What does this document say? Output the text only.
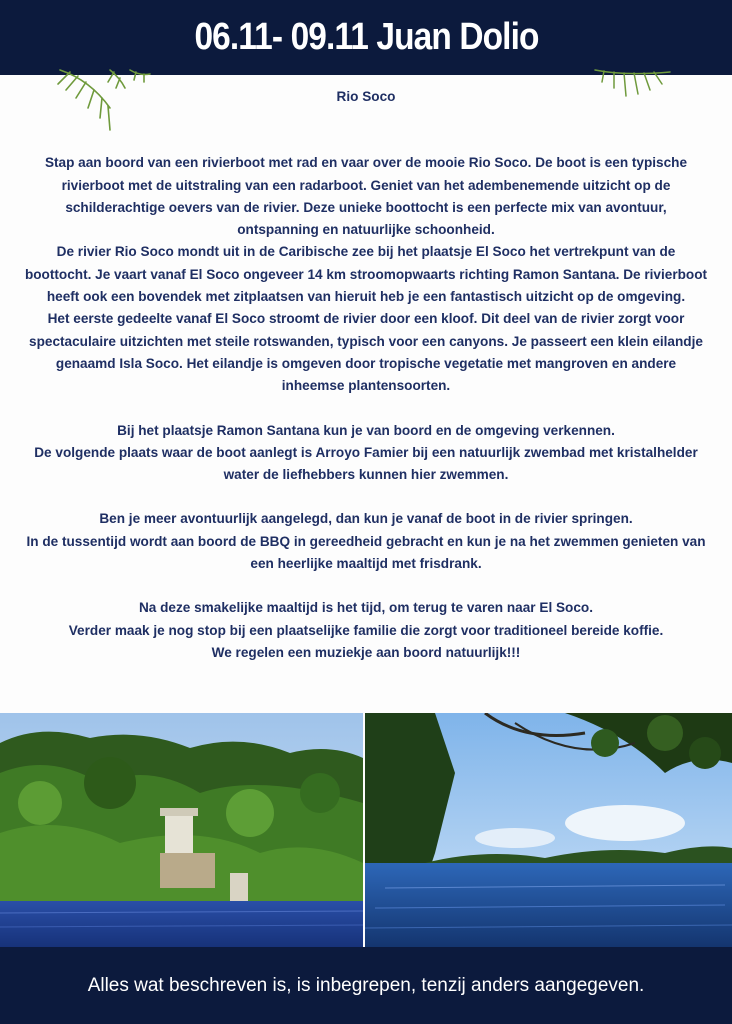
06.11- 09.11 Juan Dolio

Rio Soco

Stap aan boord van een rivierboot met rad en vaar over de mooie Rio Soco. De boot is een typische rivierboot met de uitstraling van een radarboot. Geniet van het adembenemende uitzicht op de schilderachtige oevers van de rivier. Deze unieke boottocht is een perfecte mix van avontuur, ontspanning en natuurlijke schoonheid.

De rivier Rio Soco mondt uit in de Caribische zee bij het plaatsje El Soco het vertrekpunt van de boottocht. Je vaart vanaf El Soco ongeveer 14 km stroomopwaarts richting Ramon Santana. De rivierboot heeft ook een bovendek met zitplaatsen van hieruit heb je een fantastisch uitzicht op de omgeving.

Het eerste gedeelte vanaf El Soco stroomt de rivier door een kloof. Dit deel van de rivier zorgt voor spectaculaire uitzichten met steile rotswanden, typisch voor een canyons. Je passeert een klein eilandje genaamd Isla Soco. Het eilandje is omgeven door tropische vegetatie met mangroven en andere inheemse plantensoorten.

Bij het plaatsje Ramon Santana kun je van boord en de omgeving verkennen.

De volgende plaats waar de boot aanlegt is Arroyo Famier bij een natuurlijk zwembad met kristalhelder water de liefhebbers kunnen hier zwemmen.

Ben je meer avontuurlijk aangelegd, dan kun je vanaf de boot in de rivier springen.

In de tussentijd wordt aan boord de BBQ in gereedheid gebracht en kun je na het zwemmen genieten van een heerlijke maaltijd met frisdrank.

Na deze smakelijke maaltijd is het tijd, om terug te varen naar El Soco.

Verder maak je nog stop bij een plaatselijke familie die zorgt voor traditioneel bereide koffie.

We regelen een muziekje aan boord natuurlijk!!!

Alles wat beschreven is, is inbegrepen, tenzij anders aangegeven.
